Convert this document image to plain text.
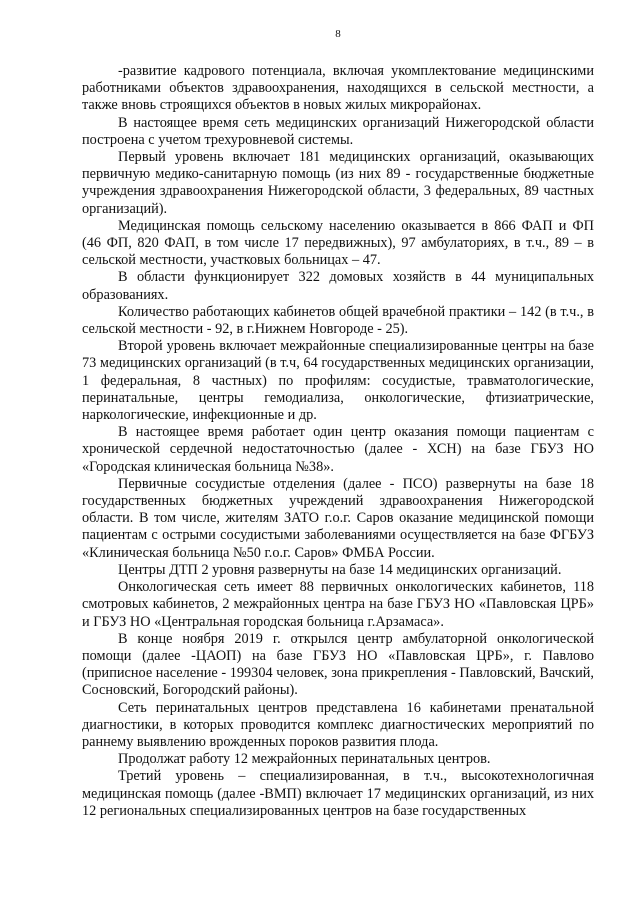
8

-развитие кадрового потенциала, включая укомплектование медицинскими работниками объектов здравоохранения, находящихся в сельской местности, а также вновь строящихся объектов в новых жилых микрорайонах.

В настоящее время сеть медицинских организаций Нижегородской области построена с учетом трехуровневой системы.

Первый уровень включает 181 медицинских организаций, оказывающих первичную медико-санитарную помощь (из них 89 - государственные бюджетные учреждения здравоохранения Нижегородской области, 3 федеральных, 89 частных организаций).

Медицинская помощь сельскому населению оказывается в 866 ФАП и ФП (46 ФП, 820 ФАП, в том числе 17 передвижных), 97 амбулаториях, в т.ч., 89 – в сельской местности, участковых больницах – 47.

В области функционирует 322 домовых хозяйств в 44 муниципальных образованиях.

Количество работающих кабинетов общей врачебной практики – 142 (в т.ч., в сельской местности - 92, в г.Нижнем Новгороде - 25).

Второй уровень включает межрайонные специализированные центры на базе 73 медицинских организаций (в т.ч, 64 государственных медицинских организации, 1 федеральная, 8 частных) по профилям: сосудистые, травматологические, перинатальные, центры гемодиализа, онкологические, фтизиатрические, наркологические, инфекционные и др.

В настоящее время работает один центр оказания помощи пациентам с хронической сердечной недостаточностью (далее - ХСН) на базе ГБУЗ НО «Городская клиническая больница №38».

Первичные сосудистые отделения (далее - ПСО) развернуты на базе 18 государственных бюджетных учреждений здравоохранения Нижегородской области. В том числе, жителям ЗАТО г.о.г. Саров оказание медицинской помощи пациентам с острыми сосудистыми заболеваниями осуществляется на базе ФГБУЗ «Клиническая больница №50 г.о.г. Саров» ФМБА России.

Центры ДТП 2 уровня развернуты на базе 14 медицинских организаций.

Онкологическая сеть имеет 88 первичных онкологических кабинетов, 118 смотровых кабинетов, 2 межрайонных центра на базе ГБУЗ НО «Павловская ЦРБ» и ГБУЗ НО «Центральная городская больница г.Арзамаса».

В конце ноября 2019 г. открылся центр амбулаторной онкологической помощи (далее -ЦАОП) на базе ГБУЗ НО «Павловская ЦРБ», г. Павлово (приписное население - 199304 человек, зона прикрепления - Павловский, Вачский, Сосновский, Богородский районы).

Сеть перинатальных центров представлена 16 кабинетами пренатальной диагностики, в которых проводится комплекс диагностических мероприятий по раннему выявлению врожденных пороков развития плода.

Продолжат работу 12 межрайонных перинатальных центров.

Третий уровень – специализированная, в т.ч., высокотехнологичная медицинская помощь (далее -ВМП) включает 17 медицинских организаций, из них 12 региональных специализированных центров на базе государственных
